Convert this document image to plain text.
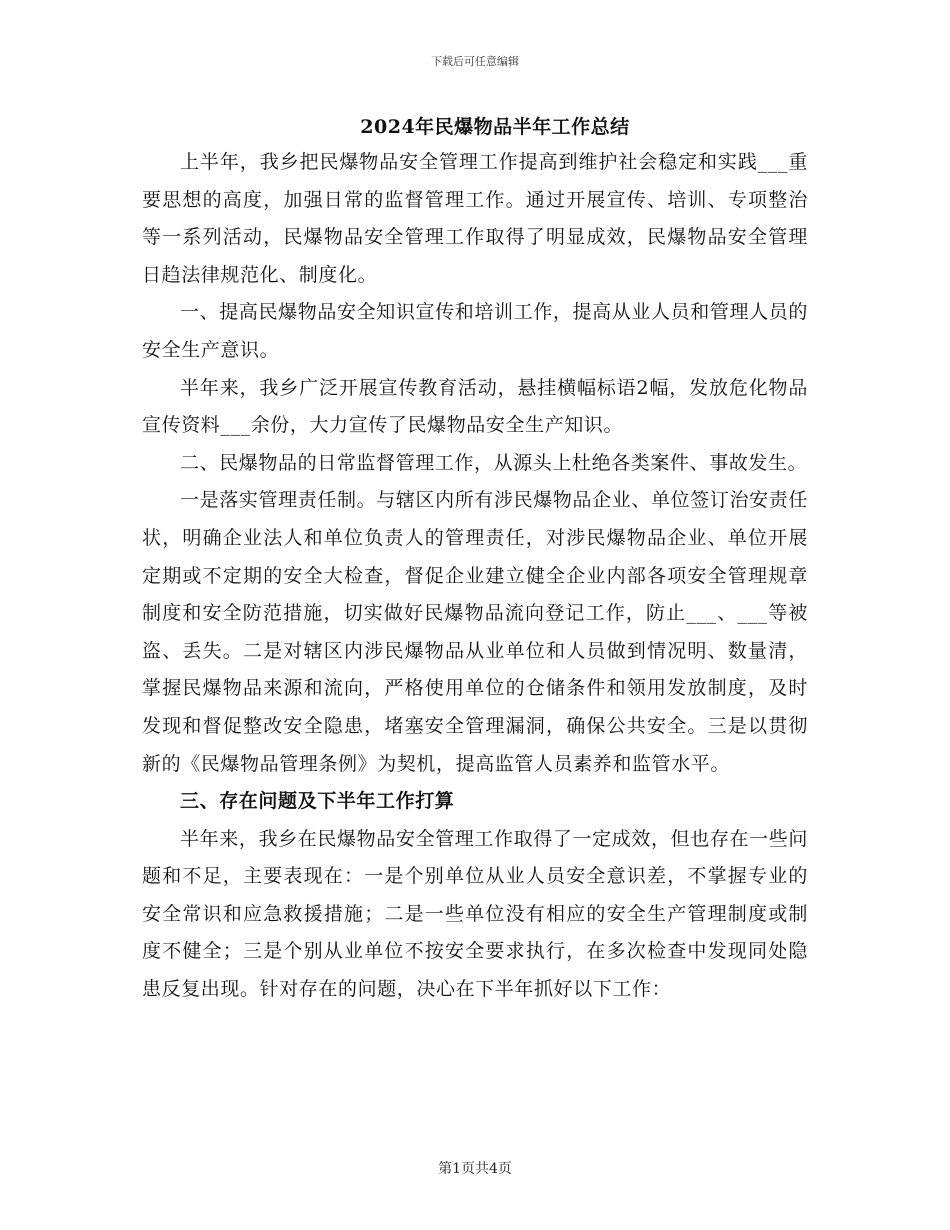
下载后可任意编辑
2024年民爆物品半年工作总结

上半年，我乡把民爆物品安全管理工作提高到维护社会稳定和实践___重要思想的高度，加强日常的监督管理工作。通过开展宣传、培训、专项整治等一系列活动，民爆物品安全管理工作取得了明显成效，民爆物品安全管理日趋法律规范化、制度化。

一、提高民爆物品安全知识宣传和培训工作，提高从业人员和管理人员的安全生产意识。

半年来，我乡广泛开展宣传教育活动，悬挂横幅标语2幅，发放危化物品宣传资料___余份，大力宣传了民爆物品安全生产知识。

二、民爆物品的日常监督管理工作，从源头上杜绝各类案件、事故发生。

一是落实管理责任制。与辖区内所有涉民爆物品企业、单位签订治安责任状，明确企业法人和单位负责人的管理责任，对涉民爆物品企业、单位开展定期或不定期的安全大检查，督促企业建立健全企业内部各项安全管理规章制度和安全防范措施，切实做好民爆物品流向登记工作，防止___、___等被盗、丢失。二是对辖区内涉民爆物品从业单位和人员做到情况明、数量清，掌握民爆物品来源和流向，严格使用单位的仓储条件和领用发放制度，及时发现和督促整改安全隐患，堵塞安全管理漏洞，确保公共安全。三是以贯彻新的《民爆物品管理条例》为契机，提高监管人员素养和监管水平。

三、存在问题及下半年工作打算

半年来，我乡在民爆物品安全管理工作取得了一定成效，但也存在一些问题和不足，主要表现在：一是个别单位从业人员安全意识差，不掌握专业的安全常识和应急救援措施；二是一些单位没有相应的安全生产管理制度或制度不健全；三是个别从业单位不按安全要求执行，在多次检查中发现同处隐患反复出现。针对存在的问题，决心在下半年抓好以下工作：

第1页共4页
